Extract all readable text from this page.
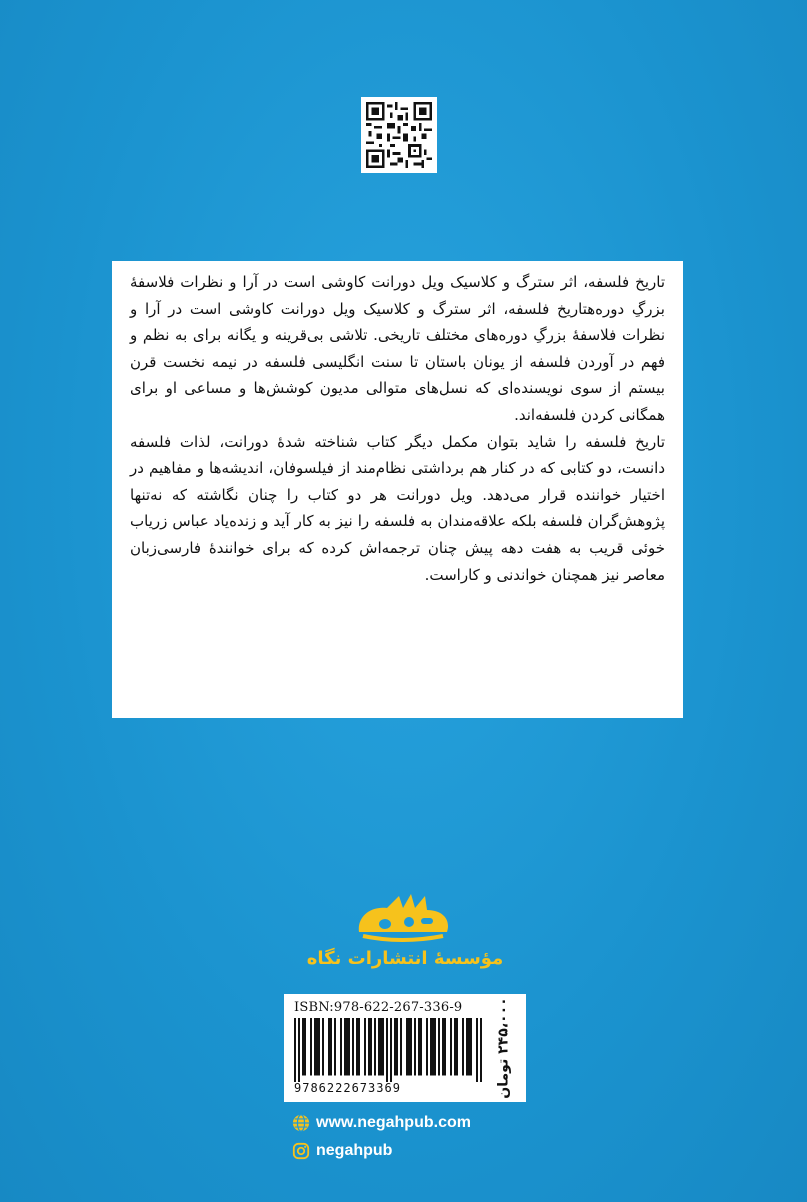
تاریخ فلسفه، اثر سترگ و کلاسیک ویل دورانت کاوشی است در آرا و نظرات فلاسفهٔ بزرگِ دوره‌هتاریخ فلسفه، اثر سترگ و کلاسیک ویل دورانت کاوشی است در آرا و نظرات فلاسفهٔ بزرگِ دوره‌های مختلف تاریخی. تلاشی بی‌قرینه و یگانه برای به نظم و فهم در آوردن فلسفه از یونان باستان تا سنت انگلیسی فلسفه در نیمه نخست قرن بیستم از سوی نویسنده‌ای که نسل‌های متوالی مدیون کوشش‌ها و مساعی او برای همگانی کردن فلسفه‌اند.

تاریخ فلسفه را شاید بتوان مکمل دیگر کتاب شناخته شدهٔ دورانت، لذات فلسفه دانست، دو کتابی که در کنار هم برداشتی نظام‌مند از فیلسوفان، اندیشه‌ها و مفاهیم در اختیار خواننده قرار می‌دهد. ویل دورانت هر دو کتاب را چنان نگاشته که نه‌تنها پژوهش‌گران فلسفه بلکه علاقه‌مندان به فلسفه را نیز به کار آید و زنده‌یاد عباس زریاب خوئی قریب به هفت دهه پیش چنان ترجمه‌اش کرده که برای خوانندهٔ فارسی‌زبان معاصر نیز همچنان خواندنی و کاراست.

مؤسسهٔ انتشارات نگاه
ISBN:978-622-267-336-9
9786222673369	۲۴۵،۰۰۰ تومان
www.negahpub.com
negahpub
